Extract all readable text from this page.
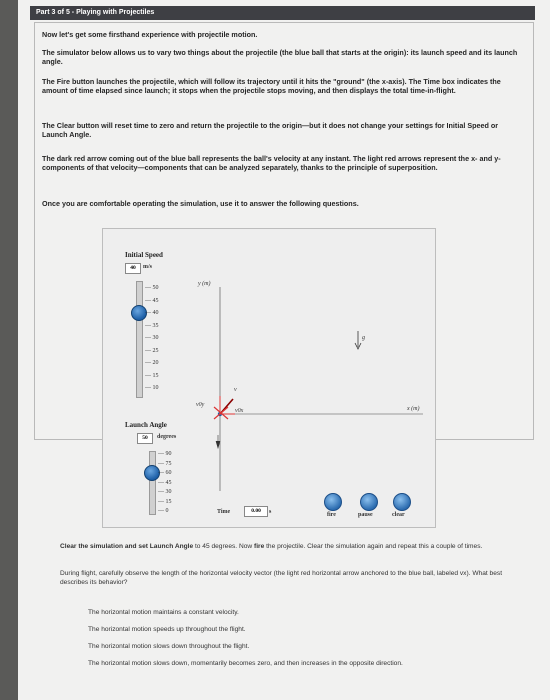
Part 3 of 5 - Playing with Projectiles
Now let's get some firsthand experience with projectile motion.
The simulator below allows us to vary two things about the projectile (the blue ball that starts at the origin): its launch speed and its launch angle.
The Fire button launches the projectile, which will follow its trajectory until it hits the "ground" (the x-axis). The Time box indicates the amount of time elapsed since launch; it stops when the projectile stops moving, and then displays the total time-in-flight.
The Clear button will reset time to zero and return the projectile to the origin—but it does not change your settings for Initial Speed or Launch Angle.
The dark red arrow coming out of the blue ball represents the ball's velocity at any instant. The light red arrows represent the x- and y-components of that velocity—components that can be analyzed separately, thanks to the principle of superposition.
Once you are comfortable operating the simulation, use it to answer the following questions.
Initial Speed
40	m/s
— 50
— 45
— 40
— 35
— 30
— 25
— 20
— 15
— 10
Launch Angle
50	degrees
— 90
— 75
— 60
— 45
— 30
— 15
— 0
y (m)
x (m)
g
v
v0y
v0x
Time	0.00	s	fire	pause	clear
Clear the simulation and set Launch Angle to 45 degrees. Now fire the projectile. Clear the simulation again and repeat this a couple of times.
During flight, carefully observe the length of the horizontal velocity vector (the light red horizontal arrow anchored to the blue ball, labeled vx). What best describes its behavior?
The horizontal motion maintains a constant velocity.
The horizontal motion speeds up throughout the flight.
The horizontal motion slows down throughout the flight.
The horizontal motion slows down, momentarily becomes zero, and then increases in the opposite direction.
